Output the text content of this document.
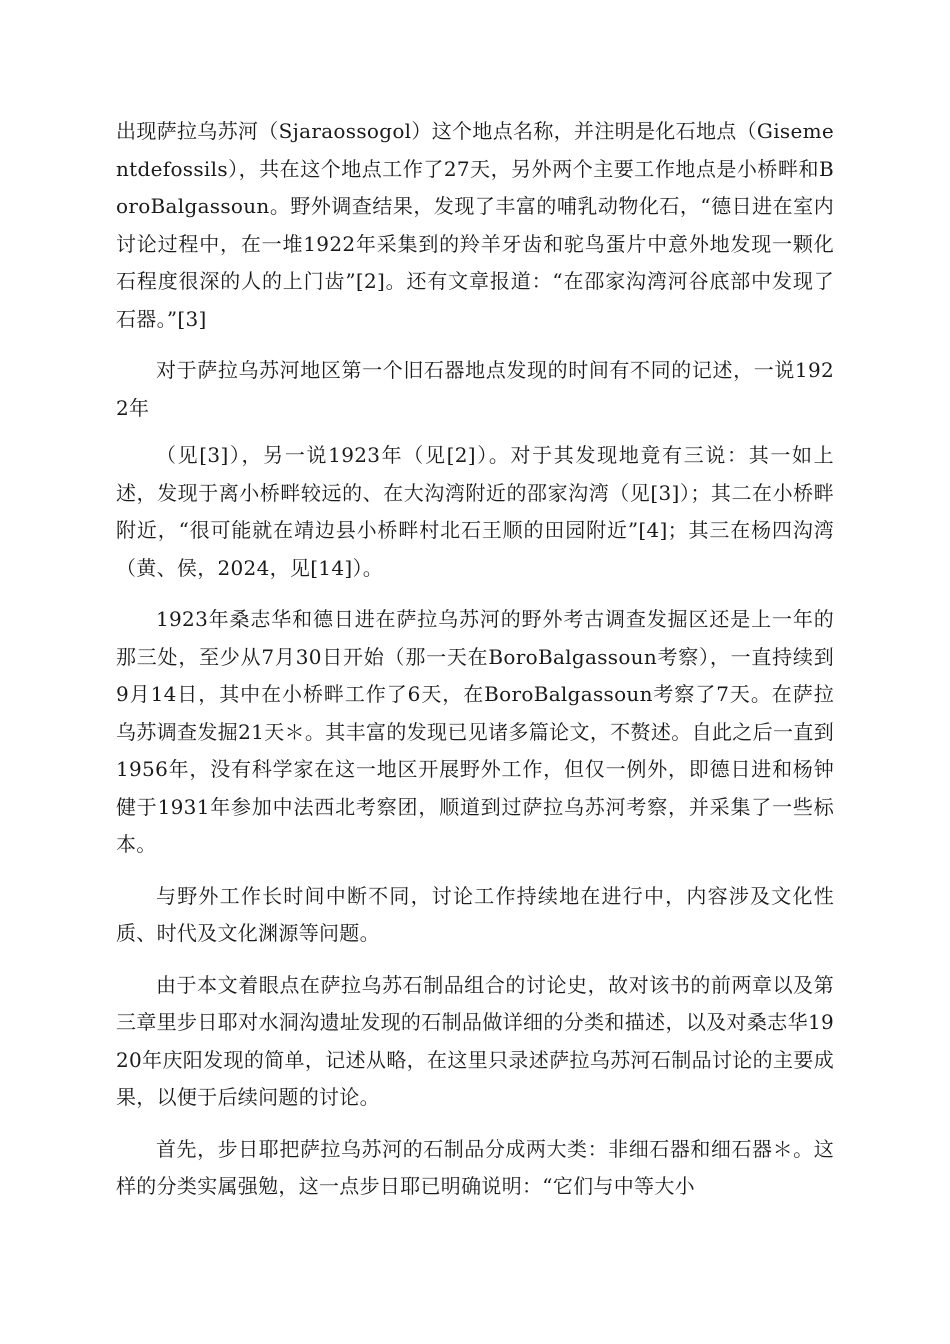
出现萨拉乌苏河（Sjaraossogol）这个地点名称，并注明是化石地点（Gisementdefossils），共在这个地点工作了27天，另外两个主要工作地点是小桥畔和BoroBalgassoun。野外调查结果，发现了丰富的哺乳动物化石，“德日进在室内讨论过程中，在一堆1922年采集到的羚羊牙齿和驼鸟蛋片中意外地发现一颗化石程度很深的人的上门齿”[2]。还有文章报道：“在邵家沟湾河谷底部中发现了石器。”[3]

对于萨拉乌苏河地区第一个旧石器地点发现的时间有不同的记述，一说1922年

（见[3]），另一说1923年（见[2]）。对于其发现地竟有三说：其一如上述，发现于离小桥畔较远的、在大沟湾附近的邵家沟湾（见[3]）；其二在小桥畔附近，“很可能就在靖边县小桥畔村北石王顺的田园附近”[4]；其三在杨四沟湾（黄、侯，2024，见[14]）。

1923年桑志华和德日进在萨拉乌苏河的野外考古调查发掘区还是上一年的那三处，至少从7月30日开始（那一天在BoroBalgassoun考察），一直持续到9月14日，其中在小桥畔工作了6天，在BoroBalgassoun考察了7天。在萨拉乌苏调查发掘21天＊。其丰富的发现已见诸多篇论文，不赘述。自此之后一直到1956年，没有科学家在这一地区开展野外工作，但仅一例外，即德日进和杨钟健于1931年参加中法西北考察团，顺道到过萨拉乌苏河考察，并采集了一些标本。

与野外工作长时间中断不同，讨论工作持续地在进行中，内容涉及文化性质、时代及文化渊源等问题。

由于本文着眼点在萨拉乌苏石制品组合的讨论史，故对该书的前两章以及第三章里步日耶对水洞沟遗址发现的石制品做详细的分类和描述，以及对桑志华1920年庆阳发现的简单，记述从略，在这里只录述萨拉乌苏河石制品讨论的主要成果，以便于后续问题的讨论。

首先，步日耶把萨拉乌苏河的石制品分成两大类：非细石器和细石器＊。这样的分类实属强勉，这一点步日耶已明确说明：“它们与中等大小
